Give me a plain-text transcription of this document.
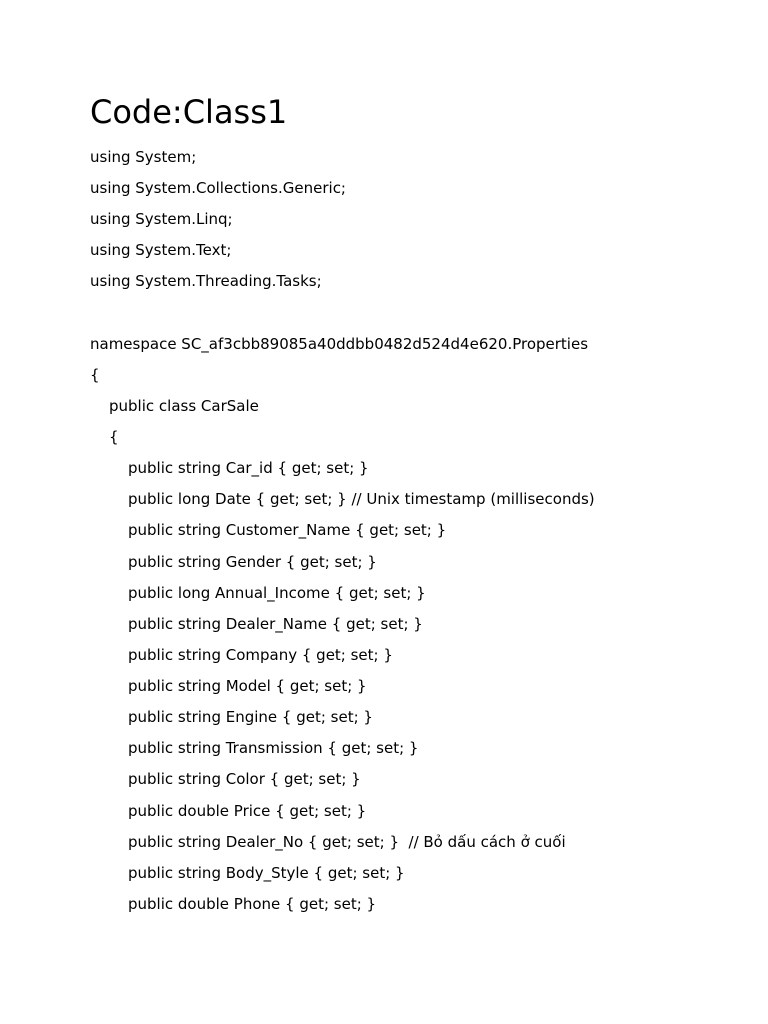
Code:Class1
using System;
using System.Collections.Generic;
using System.Linq;
using System.Text;
using System.Threading.Tasks;
namespace SC_af3cbb89085a40ddbb0482d524d4e620.Properties
{
public class CarSale
{
public string Car_id { get; set; }
public long Date { get; set; } // Unix timestamp (milliseconds)
public string Customer_Name { get; set; }
public string Gender { get; set; }
public long Annual_Income { get; set; }
public string Dealer_Name { get; set; }
public string Company { get; set; }
public string Model { get; set; }
public string Engine { get; set; }
public string Transmission { get; set; }
public string Color { get; set; }
public double Price { get; set; }
public string Dealer_No { get; set; }  // Bỏ dấu cách ở cuối
public string Body_Style { get; set; }
public double Phone { get; set; }
